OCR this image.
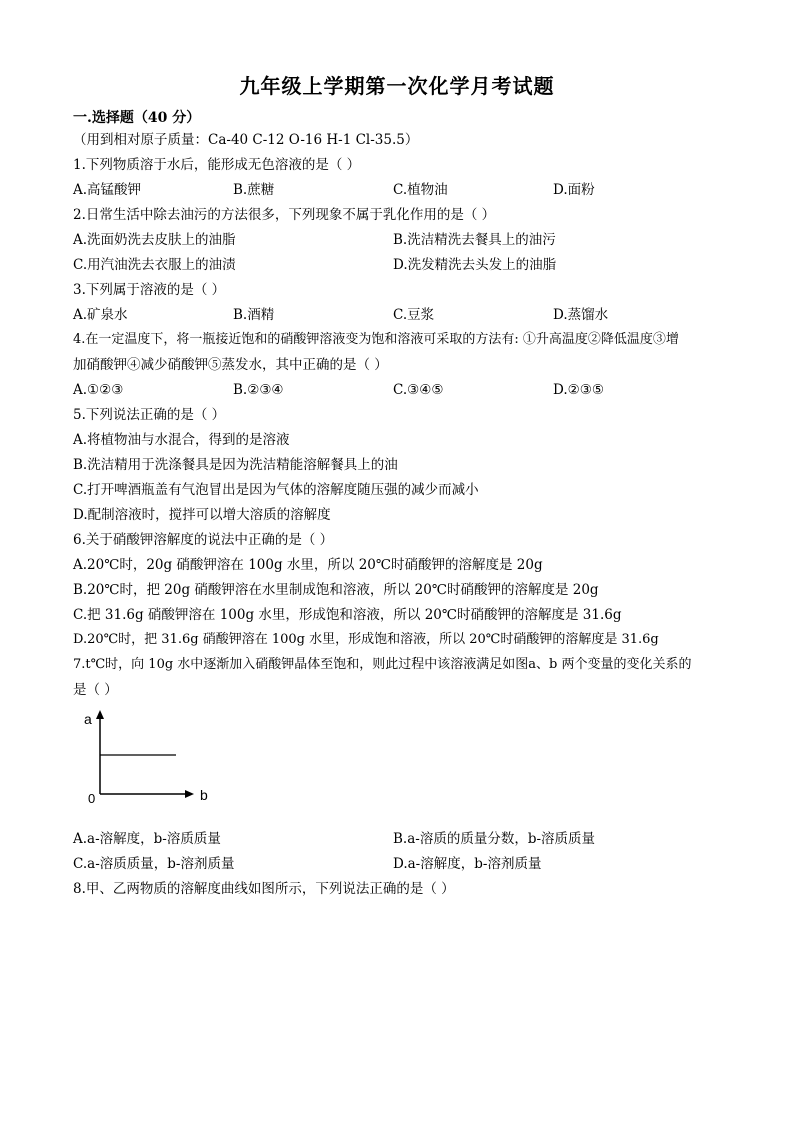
九年级上学期第一次化学月考试题
一.选择题（40 分）
（用到相对原子质量：Ca-40 C-12 O-16 H-1 Cl-35.5）
1.下列物质溶于水后，能形成无色溶液的是（ ）
A.高锰酸钾	B.蔗糖	C.植物油	D.面粉
2.日常生活中除去油污的方法很多，下列现象不属于乳化作用的是（ ）
A.洗面奶洗去皮肤上的油脂	B.洗洁精洗去餐具上的油污
C.用汽油洗去衣服上的油渍	D.洗发精洗去头发上的油脂
3.下列属于溶液的是（ ）
A.矿泉水	B.酒精	C.豆浆	D.蒸馏水
4.在一定温度下，将一瓶接近饱和的硝酸钾溶液变为饱和溶液可采取的方法有: ①升高温度②降低温度③增
加硝酸钾④减少硝酸钾⑤蒸发水，其中正确的是（ ）
A.①②③	B.②③④	C.③④⑤	D.②③⑤
5.下列说法正确的是（ ）
A.将植物油与水混合，得到的是溶液
B.洗洁精用于洗涤餐具是因为洗洁精能溶解餐具上的油
C.打开啤酒瓶盖有气泡冒出是因为气体的溶解度随压强的减少而减小
D.配制溶液时，搅拌可以增大溶质的溶解度
6.关于硝酸钾溶解度的说法中正确的是（ ）
A.20℃时，20g 硝酸钾溶在 100g 水里，所以 20℃时硝酸钾的溶解度是 20g
B.20℃时，把 20g 硝酸钾溶在水里制成饱和溶液，所以 20℃时硝酸钾的溶解度是 20g
C.把 31.6g 硝酸钾溶在 100g 水里，形成饱和溶液，所以 20℃时硝酸钾的溶解度是 31.6g
D.20℃时，把 31.6g 硝酸钾溶在 100g 水里，形成饱和溶液，所以 20℃时硝酸钾的溶解度是 31.6g
7.t℃时，向 10g 水中逐渐加入硝酸钾晶体至饱和，则此过程中该溶液满足如图a、b 两个变量的变化关系的
是（ ）
a
b
0
A.a-溶解度，b-溶质质量	B.a-溶质的质量分数，b-溶质质量
C.a-溶质质量，b-溶剂质量	D.a-溶解度，b-溶剂质量
8.甲、乙两物质的溶解度曲线如图所示，下列说法正确的是（ ）
